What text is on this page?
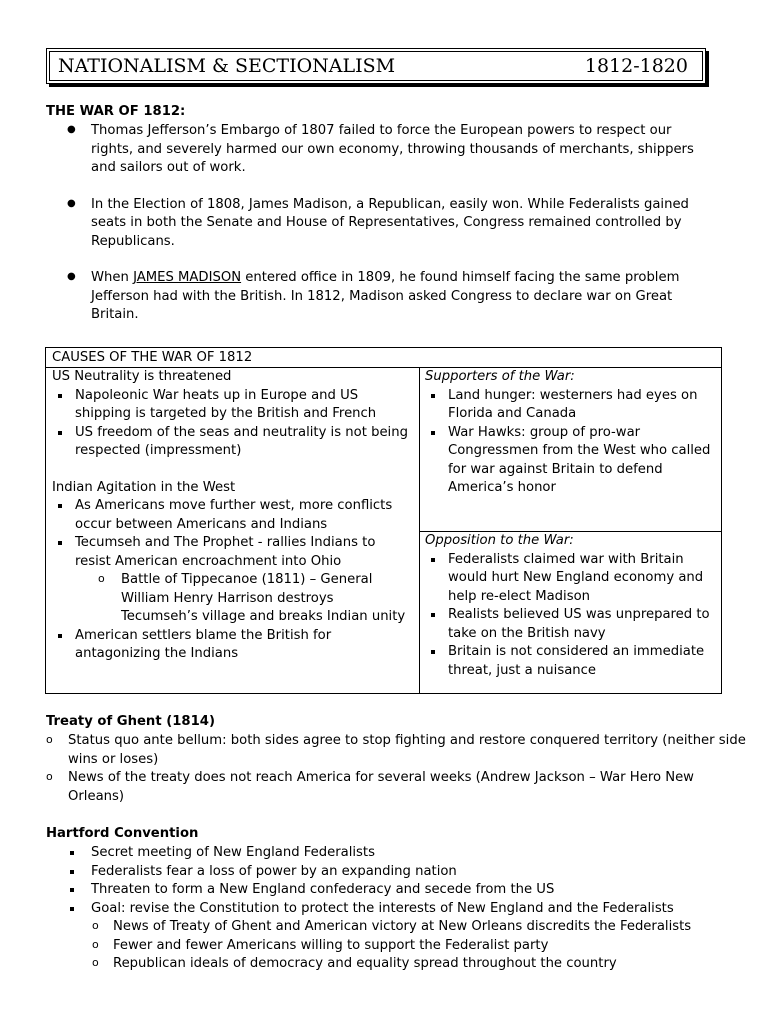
NATIONALISM & SECTIONALISM	1812-1820
THE WAR OF 1812:
● Thomas Jefferson’s Embargo of 1807 failed to force the European powers to respect our rights, and severely harmed our own economy, throwing thousands of merchants, shippers and sailors out of work.
● In the Election of 1808, James Madison, a Republican, easily won. While Federalists gained seats in both the Senate and House of Representatives, Congress remained controlled by Republicans.
● When JAMES MADISON entered office in 1809, he found himself facing the same problem Jefferson had with the British. In 1812, Madison asked Congress to declare war on Great Britain.
CAUSES OF THE WAR OF 1812
US Neutrality is threatened
Napoleonic War heats up in Europe and US shipping is targeted by the British and French
US freedom of the seas and neutrality is not being respected (impressment)
Indian Agitation in the West
As Americans move further west, more conflicts occur between Americans and Indians
Tecumseh and The Prophet - rallies Indians to resist American encroachment into Ohio
o Battle of Tippecanoe (1811) – General William Henry Harrison destroys Tecumseh’s village and breaks Indian unity
American settlers blame the British for antagonizing the Indians
Supporters of the War:
Land hunger: westerners had eyes on Florida and Canada
War Hawks: group of pro-war Congressmen from the West who called for war against Britain to defend America’s honor
Opposition to the War:
Federalists claimed war with Britain would hurt New England economy and help re-elect Madison
Realists believed US was unprepared to take on the British navy
Britain is not considered an immediate threat, just a nuisance
Treaty of Ghent (1814)
o Status quo ante bellum: both sides agree to stop fighting and restore conquered territory (neither side wins or loses)
o News of the treaty does not reach America for several weeks (Andrew Jackson – War Hero New Orleans)
Hartford Convention
Secret meeting of New England Federalists
Federalists fear a loss of power by an expanding nation
Threaten to form a New England confederacy and secede from the US
Goal: revise the Constitution to protect the interests of New England and the Federalists
o News of Treaty of Ghent and American victory at New Orleans discredits the Federalists
o Fewer and fewer Americans willing to support the Federalist party
o Republican ideals of democracy and equality spread throughout the country
